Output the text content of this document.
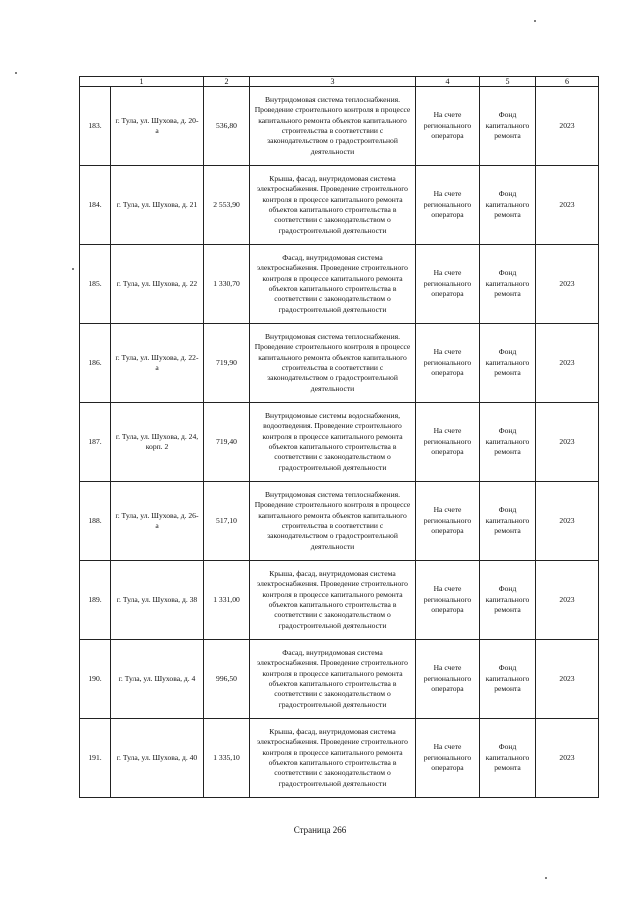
1		2	3	4	5	6
183.	г. Тула, ул. Шухова, д. 20-а	536,80	Внутридомовая система теплоснабжения. Проведение строительного контроля в процессе капитального ремонта объектов капитального строительства в соответствии с законодательством о градостроительной деятельности	На счете регионального оператора	Фонд капитального ремонта	2023
184.	г. Тула, ул. Шухова, д. 21	2 553,90	Крыша, фасад, внутридомовая система электроснабжения. Проведение строительного контроля в процессе капитального ремонта объектов капитального строительства в соответствии с законодательством о градостроительной деятельности	На счете регионального оператора	Фонд капитального ремонта	2023
185.	г. Тула, ул. Шухова, д. 22	1 330,70	Фасад, внутридомовая система электроснабжения. Проведение строительного контроля в процессе капитального ремонта объектов капитального строительства в соответствии с законодательством о градостроительной деятельности	На счете регионального оператора	Фонд капитального ремонта	2023
186.	г. Тула, ул. Шухова, д. 22-а	719,90	Внутридомовая система теплоснабжения. Проведение строительного контроля в процессе капитального ремонта объектов капитального строительства в соответствии с законодательством о градостроительной деятельности	На счете регионального оператора	Фонд капитального ремонта	2023
187.	г. Тула, ул. Шухова, д. 24, корп. 2	719,40	Внутридомовые системы водоснабжения, водоотведения. Проведение строительного контроля в процессе капитального ремонта объектов капитального строительства в соответствии с законодательством о градостроительной деятельности	На счете регионального оператора	Фонд капитального ремонта	2023
188.	г. Тула, ул. Шухова, д. 26-а	517,10	Внутридомовая система теплоснабжения. Проведение строительного контроля в процессе капитального ремонта объектов капитального строительства в соответствии с законодательством о градостроительной деятельности	На счете регионального оператора	Фонд капитального ремонта	2023
189.	г. Тула, ул. Шухова, д. 38	1 331,00	Крыша, фасад, внутридомовая система электроснабжения. Проведение строительного контроля в процессе капитального ремонта объектов капитального строительства в соответствии с законодательством о градостроительной деятельности	На счете регионального оператора	Фонд капитального ремонта	2023
190.	г. Тула, ул. Шухова, д. 4	996,50	Фасад, внутридомовая система электроснабжения. Проведение строительного контроля в процессе капитального ремонта объектов капитального строительства в соответствии с законодательством о градостроительной деятельности	На счете регионального оператора	Фонд капитального ремонта	2023
191.	г. Тула, ул. Шухова, д. 40	1 335,10	Крыша, фасад, внутридомовая система электроснабжения. Проведение строительного контроля в процессе капитального ремонта объектов капитального строительства в соответствии с законодательством о градостроительной деятельности	На счете регионального оператора	Фонд капитального ремонта	2023
Страница 266
